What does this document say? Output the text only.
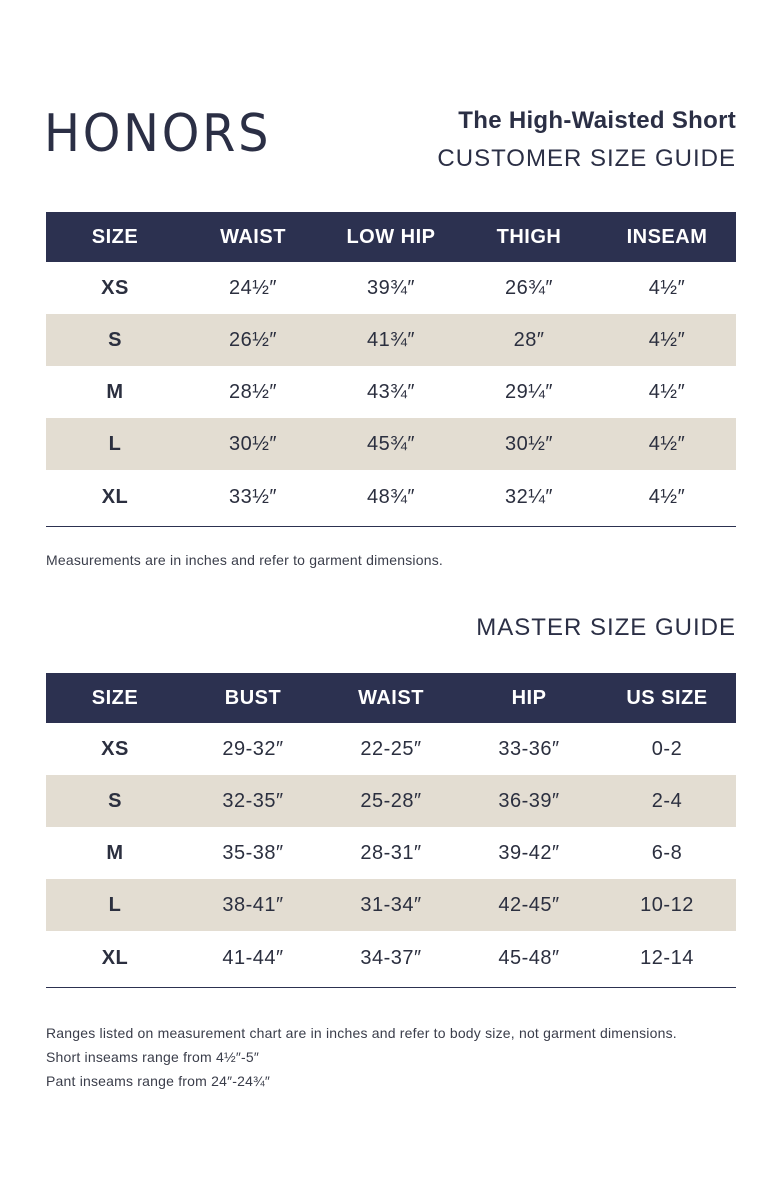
HONORS	The High-Waisted Short
CUSTOMER SIZE GUIDE
SIZE	WAIST	LOW HIP	THIGH	INSEAM
XS	24½″	39¾″	26¾″	4½″
S	26½″	41¾″	28″	4½″
M	28½″	43¾″	29¼″	4½″
L	30½″	45¾″	30½″	4½″
XL	33½″	48¾″	32¼″	4½″
Measurements are in inches and refer to garment dimensions.
MASTER SIZE GUIDE
SIZE	BUST	WAIST	HIP	US SIZE
XS	29-32″	22-25″	33-36″	0-2
S	32-35″	25-28″	36-39″	2-4
M	35-38″	28-31″	39-42″	6-8
L	38-41″	31-34″	42-45″	10-12
XL	41-44″	34-37″	45-48″	12-14
Ranges listed on measurement chart are in inches and refer to body size, not garment dimensions.
Short inseams range from 4½″-5″
Pant inseams range from 24″-24¾″
